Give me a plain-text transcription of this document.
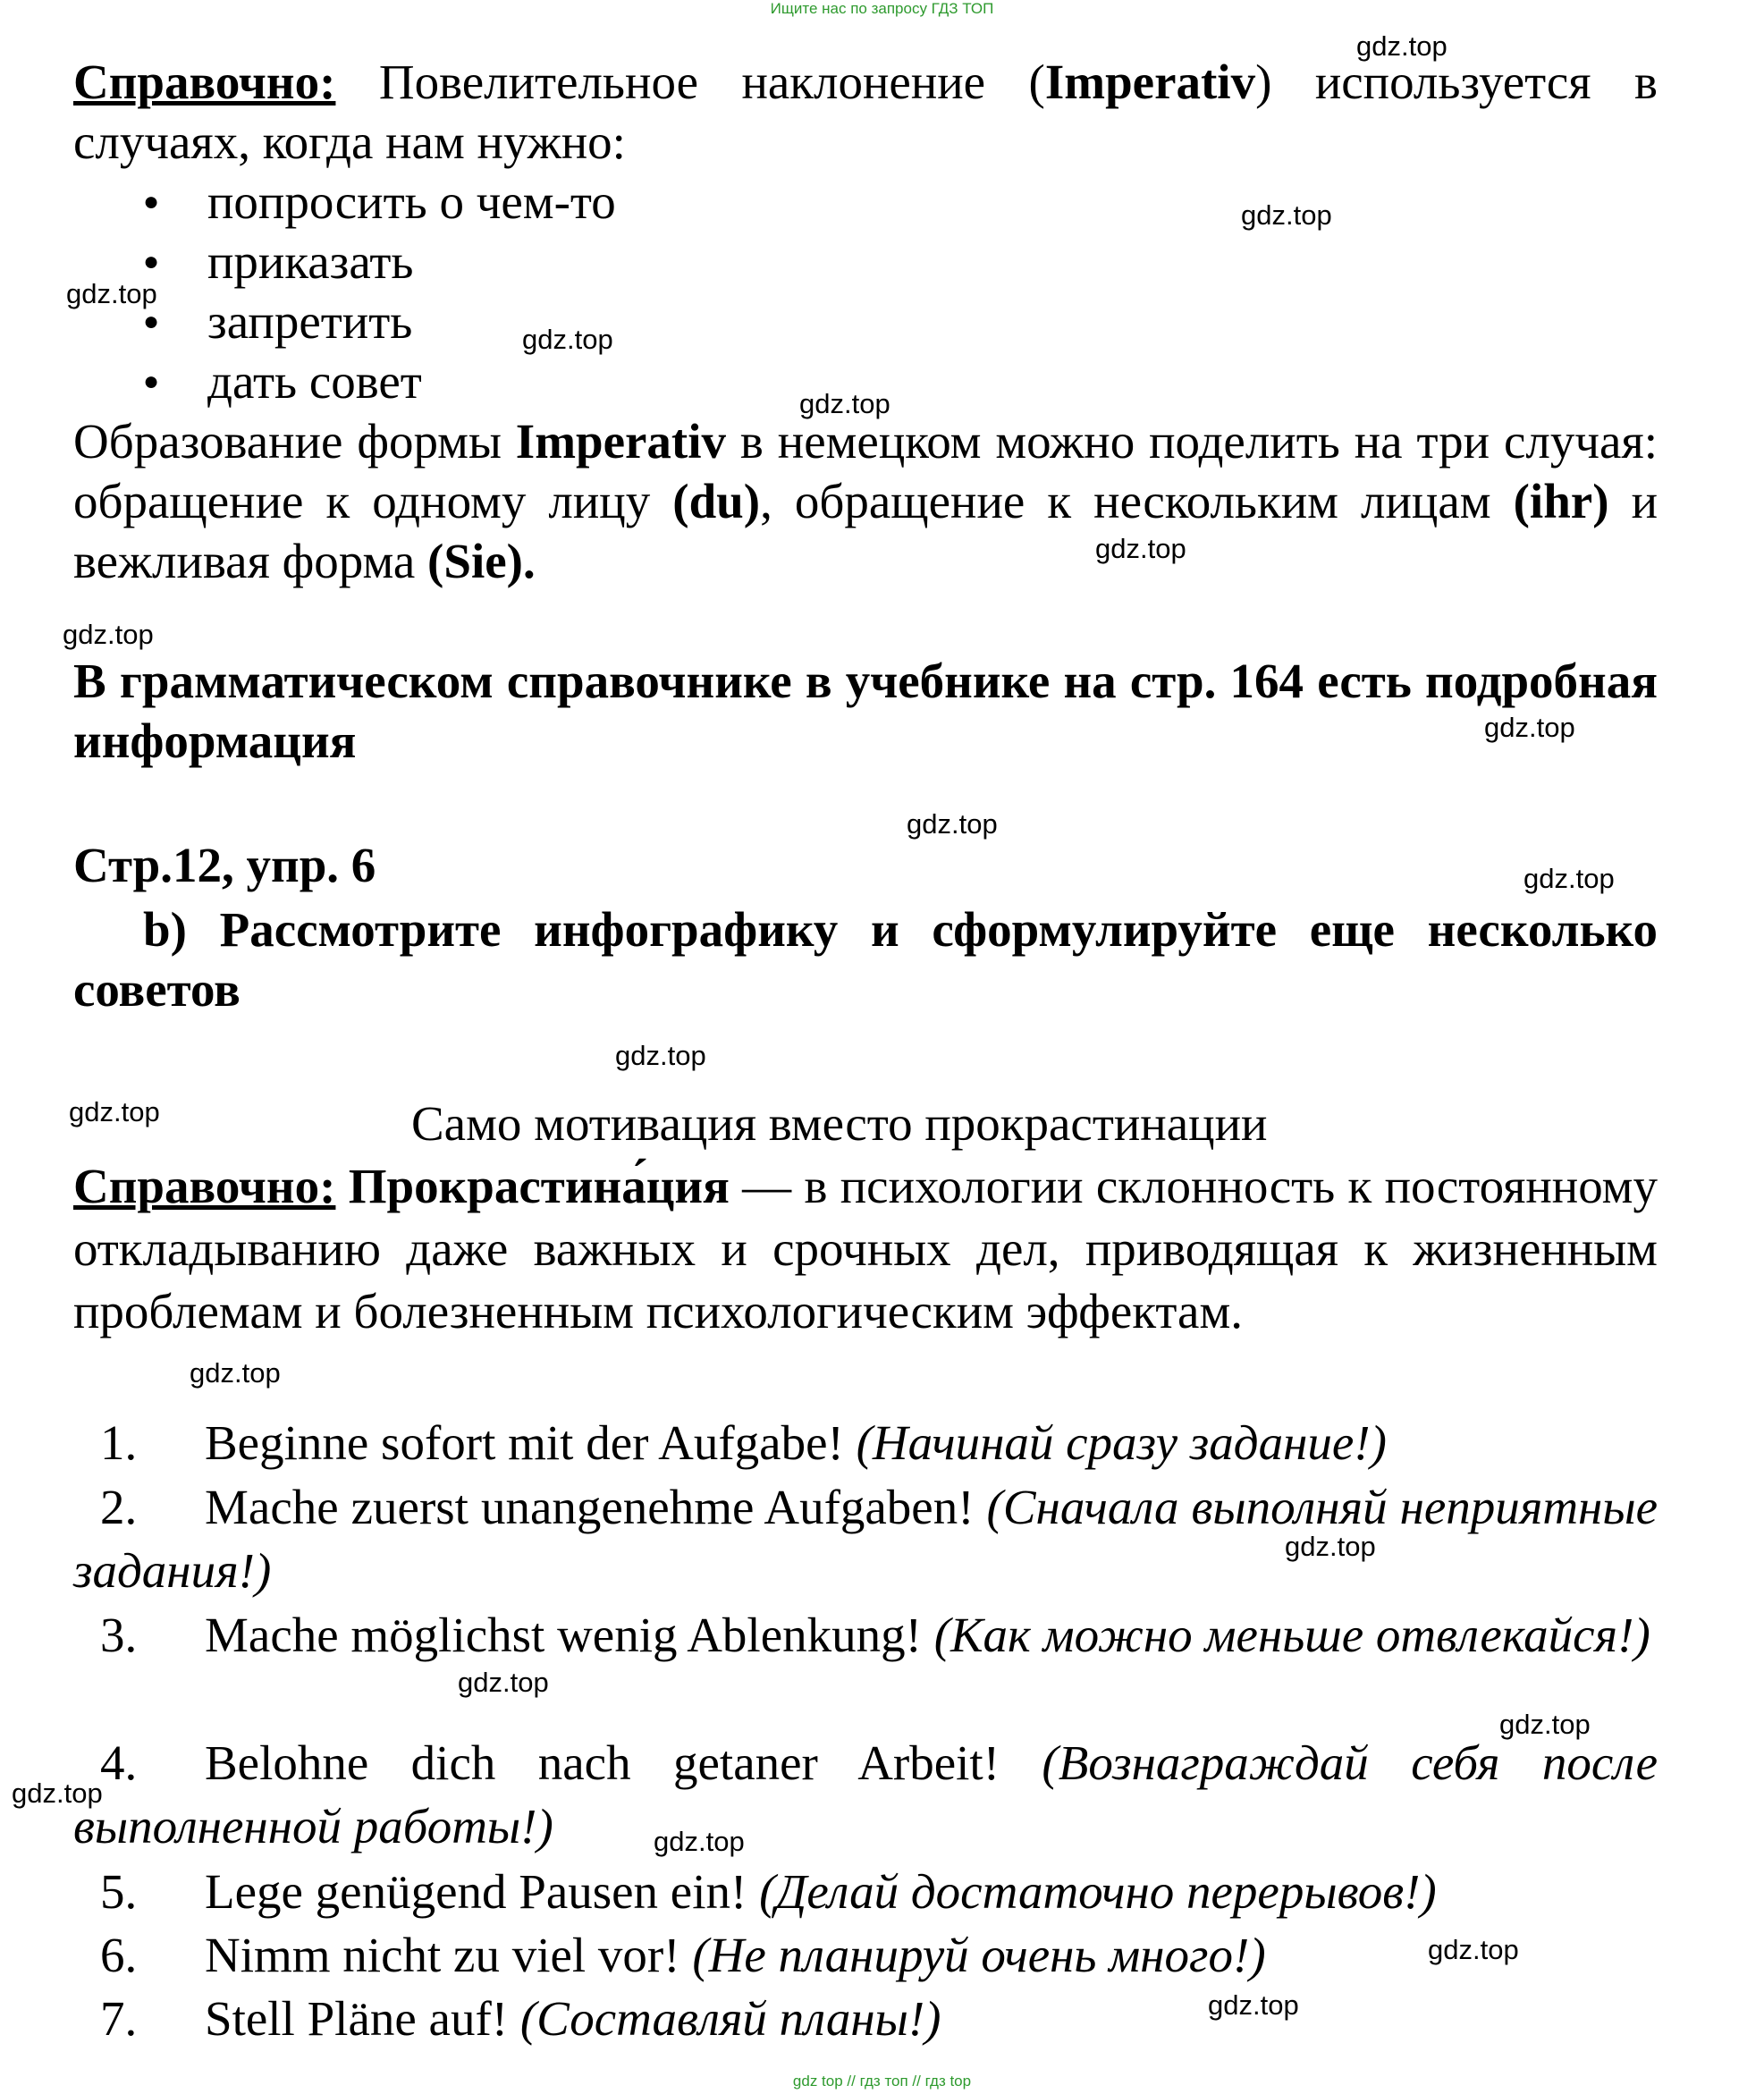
Ищите нас по запросу ГДЗ ТОП
gdz.top
gdz.top
gdz.top
gdz.top
gdz.top
gdz.top
gdz.top
gdz.top
gdz.top
gdz.top
gdz.top
gdz.top
gdz.top
gdz.top
gdz.top
gdz.top
gdz.top
gdz.top
gdz.top
gdz.top
Справочно: Повелительное наклонение (Imperativ) используется в случаях, когда нам нужно:
● попросить о чем-то
● приказать
● запретить
● дать совет
Образование формы Imperativ в немецком можно поделить на три случая: обращение к одному лицу (du), обращение к нескольким лицам (ihr) и вежливая форма (Sie).
В грамматическом справочнике в учебнике на стр. 164 есть подробная информация
Стр.12, упр. 6
b) Рассмотрите инфографику и сформулируйте еще несколько советов
Само мотивация вместо прокрастинации
Справочно: Прокрастина́ция — в психологии склонность к постоянному откладыванию даже важных и срочных дел, приводящая к жизненным проблемам и болезненным психологическим эффектам.
1. Beginne sofort mit der Aufgabe! (Начинай сразу задание!)
2. Mache zuerst unangenehme Aufgaben! (Сначала выполняй неприятные задания!)
3. Mache möglichst wenig Ablenkung! (Как можно меньше отвлекайся!)
4. Belohne dich nach getaner Arbeit! (Вознаграждай себя после выполненной работы!)
5. Lege genügend Pausen ein! (Делай достаточно перерывов!)
6. Nimm nicht zu viel vor! (Не планируй очень много!)
7. Stell Pläne auf! (Составляй планы!)
gdz top // гдз топ // гдз top
